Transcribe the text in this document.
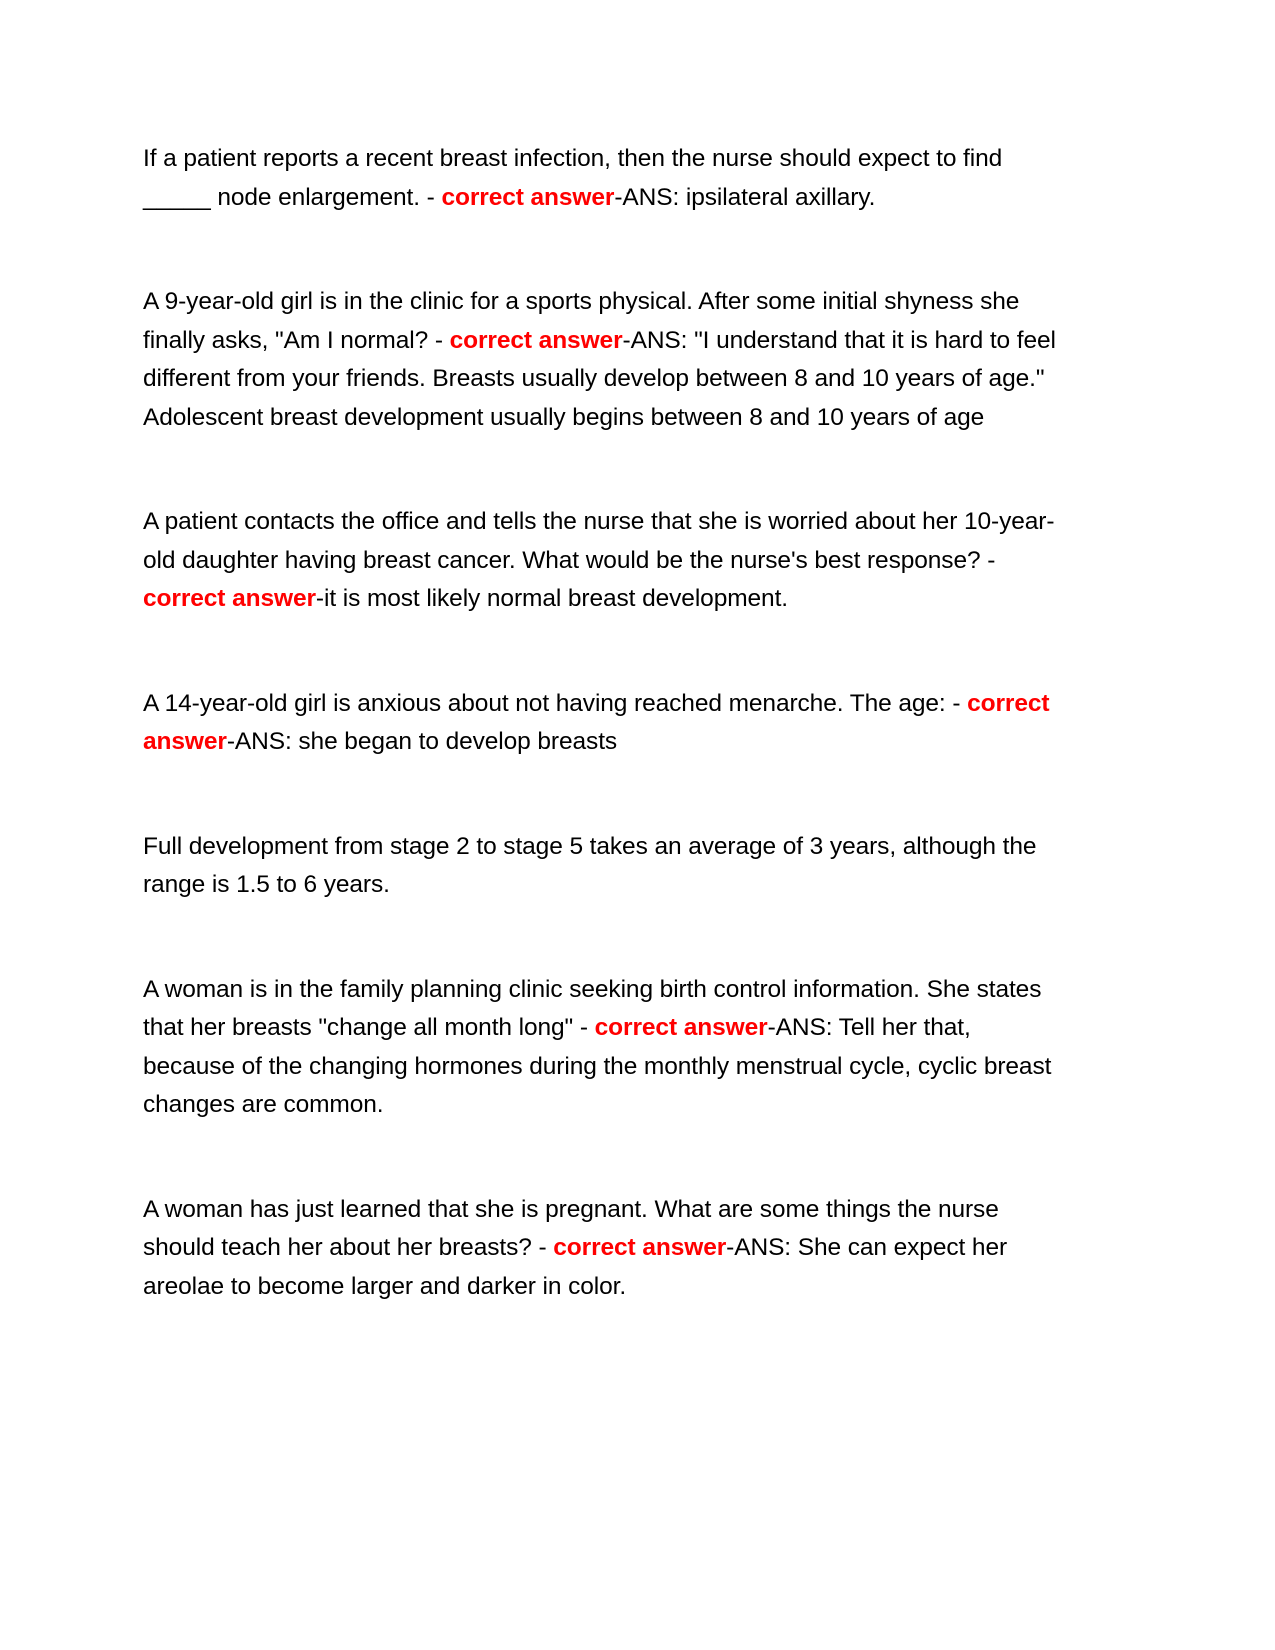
If a patient reports a recent breast infection, then the nurse should expect to find _____ node enlargement. - correct answer-ANS: ipsilateral axillary.

A 9-year-old girl is in the clinic for a sports physical. After some initial shyness she finally asks, "Am I normal? - correct answer-ANS: "I understand that it is hard to feel different from your friends. Breasts usually develop between 8 and 10 years of age."

Adolescent breast development usually begins between 8 and 10 years of age

A patient contacts the office and tells the nurse that she is worried about her 10-year-old daughter having breast cancer. What would be the nurse's best response? - correct answer-it is most likely normal breast development.

A 14-year-old girl is anxious about not having reached menarche. The age: - correct answer-ANS: she began to develop breasts

Full development from stage 2 to stage 5 takes an average of 3 years, although the range is 1.5 to 6 years.

A woman is in the family planning clinic seeking birth control information. She states that her breasts "change all month long" - correct answer-ANS: Tell her that, because of the changing hormones during the monthly menstrual cycle, cyclic breast changes are common.

A woman has just learned that she is pregnant. What are some things the nurse should teach her about her breasts? - correct answer-ANS: She can expect her areolae to become larger and darker in color.
